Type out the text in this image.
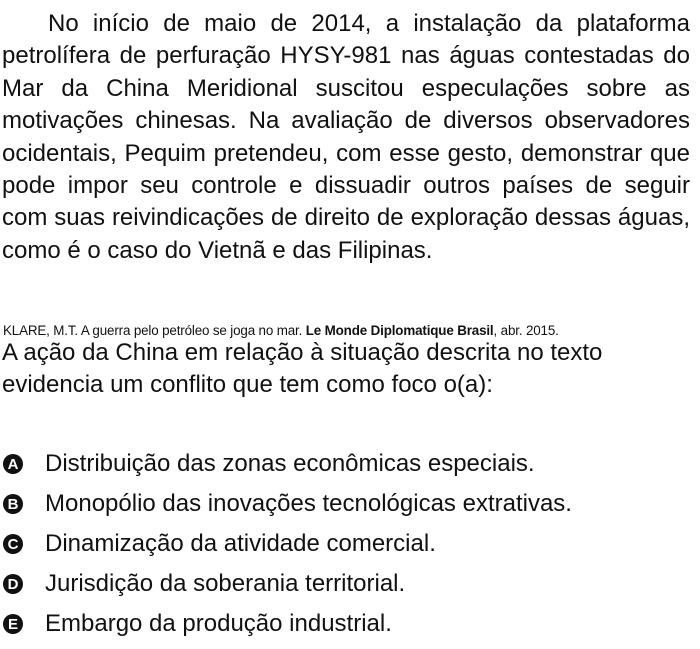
No início de maio de 2014, a instalação da plataforma petrolífera de perfuração HYSY-981 nas águas contestadas do Mar da China Meridional suscitou especulações sobre as motivações chinesas. Na avaliação de diversos observadores ocidentais, Pequim pretendeu, com esse gesto, demonstrar que pode impor seu controle e dissuadir outros países de seguir com suas reivindicações de direito de exploração dessas águas, como é o caso do Vietnã e das Filipinas.

KLARE, M.T. A guerra pelo petróleo se joga no mar. Le Monde Diplomatique Brasil, abr. 2015.

A ação da China em relação à situação descrita no texto evidencia um conflito que tem como foco o(a):

A Distribuição das zonas econômicas especiais.
B Monopólio das inovações tecnológicas extrativas.
C Dinamização da atividade comercial.
D Jurisdição da soberania territorial.
E Embargo da produção industrial.
